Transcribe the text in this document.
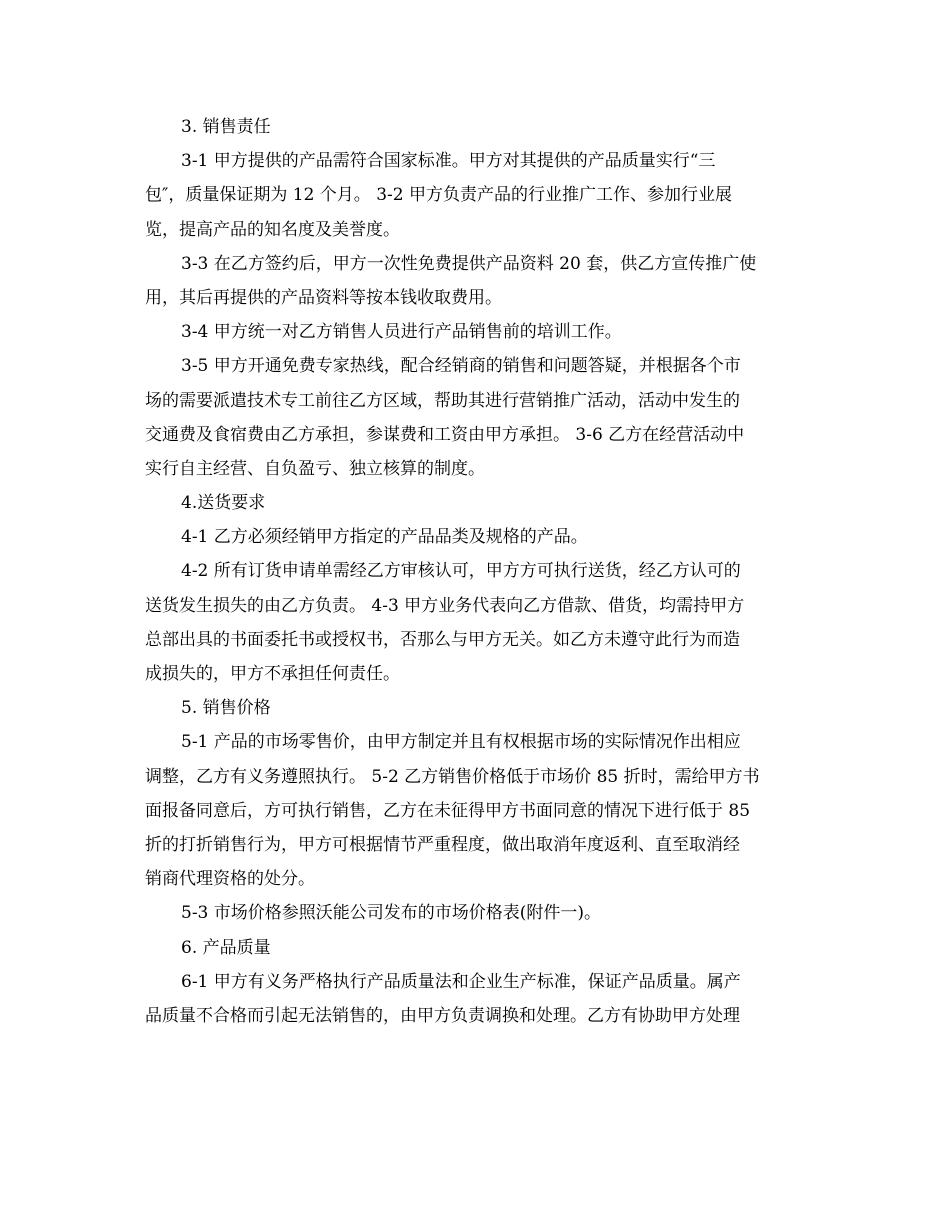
3. 销售责任
3-1 甲方提供的产品需符合国家标准。甲方对其提供的产品质量实行“三
包″，质量保证期为 12 个月。 3-2 甲方负责产品的行业推广工作、参加行业展
览，提高产品的知名度及美誉度。
3-3 在乙方签约后，甲方一次性免费提供产品资料 20 套，供乙方宣传推广使
用，其后再提供的产品资料等按本钱收取费用。
3-4 甲方统一对乙方销售人员进行产品销售前的培训工作。
3-5 甲方开通免费专家热线，配合经销商的销售和问题答疑，并根据各个市
场的需要派遣技术专工前往乙方区域，帮助其进行营销推广活动，活动中发生的
交通费及食宿费由乙方承担，参谋费和工资由甲方承担。 3-6 乙方在经营活动中
实行自主经营、自负盈亏、独立核算的制度。
4.送货要求
4-1 乙方必须经销甲方指定的产品品类及规格的产品。
4-2 所有订货申请单需经乙方审核认可，甲方方可执行送货，经乙方认可的
送货发生损失的由乙方负责。 4-3 甲方业务代表向乙方借款、借货，均需持甲方
总部出具的书面委托书或授权书，否那么与甲方无关。如乙方未遵守此行为而造
成损失的，甲方不承担任何责任。
5. 销售价格
5-1 产品的市场零售价，由甲方制定并且有权根据市场的实际情况作出相应
调整，乙方有义务遵照执行。 5-2 乙方销售价格低于市场价 85 折时，需给甲方书
面报备同意后，方可执行销售，乙方在未征得甲方书面同意的情况下进行低于 85
折的打折销售行为，甲方可根据情节严重程度，做出取消年度返利、直至取消经
销商代理资格的处分。
5-3 市场价格参照沃能公司发布的市场价格表(附件一)。
6. 产品质量
6-1 甲方有义务严格执行产品质量法和企业生产标准，保证产品质量。属产
品质量不合格而引起无法销售的，由甲方负责调换和处理。乙方有协助甲方处理
